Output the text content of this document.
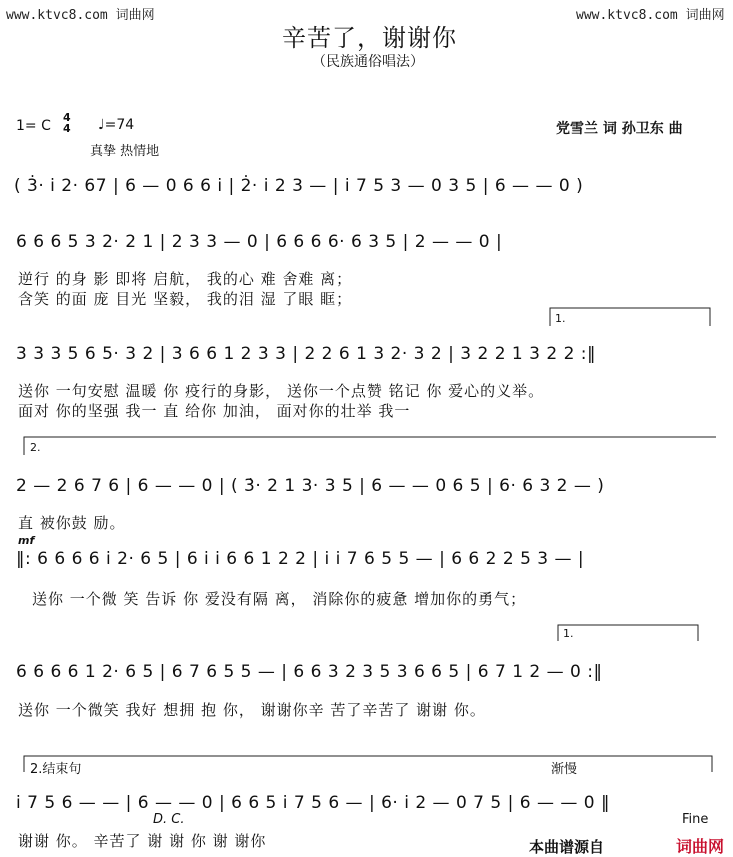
www.ktvc8.com 词曲网	www.ktvc8.com 词曲网
辛苦了，谢谢你
（民族通俗唱法）
1= C
4
4 ♩=74
真挚 热情地
党雪兰 词 孙卫东 曲
( 3̇· i 2· 67 | 6 — 0 6 6 i | 2̇· i 2 3 — | i 7 5 3 — 0 3 5 | 6 — — 0 )
6 6 6 5 3 2· 2 1 | 2 3 3 — 0 | 6 6 6 6· 6 3 5 | 2 — — 0 |
逆行 的身 影 即将 启航， 我的心 难 舍难 离；
含笑 的面 庞 目光 坚毅， 我的泪 湿 了眼 眶；
1.
3 3 3 5 6 5· 3 2 | 3 6 6 1 2 3 3 | 2 2 6 1 3 2· 3 2 | 3 2 2 1 3 2 2 :‖
送你 一句安慰 温暖 你 疫行的身影， 送你一个点赞 铭记 你 爱心的义举。
面对 你的坚强 我一 直 给你 加油， 面对你的壮举 我一
2.
2 — 2 6 7 6 | 6 — — 0 | ( 3̇· 2 1 3· 3 5 | 6 — — 0 6 5 | 6· 6 3 2 — )
直 被你鼓 励。
mf
‖: 6 6 6 6 i 2· 6 5 | 6 i i 6 6 1 2 2 | i i 7 6 5 5 — | 6 6 2 2 5 3 — |
送你 一个微 笑 告诉 你 爱没有隔 离， 消除你的疲惫 增加你的勇气；
1.
6 6 6 6 1 2· 6 5 | 6 7 6 5 5 — | 6 6 3 2 3 5 3 6 6 5 | 6 7 1 2 — 0 :‖
送你 一个微笑 我好 想拥 抱 你， 谢谢你辛 苦了辛苦了 谢谢 你。
2.结束句	渐慢
i 7 5 6 — — | 6 — — 0 | 6 6 5 i 7 5 6 — | 6· i 2 — 0 7 5 | 6 — — 0 ‖
D. C.	Fine
谢谢 你。 辛苦了 谢 谢 你 谢 谢你	本曲谱源自	词曲网
